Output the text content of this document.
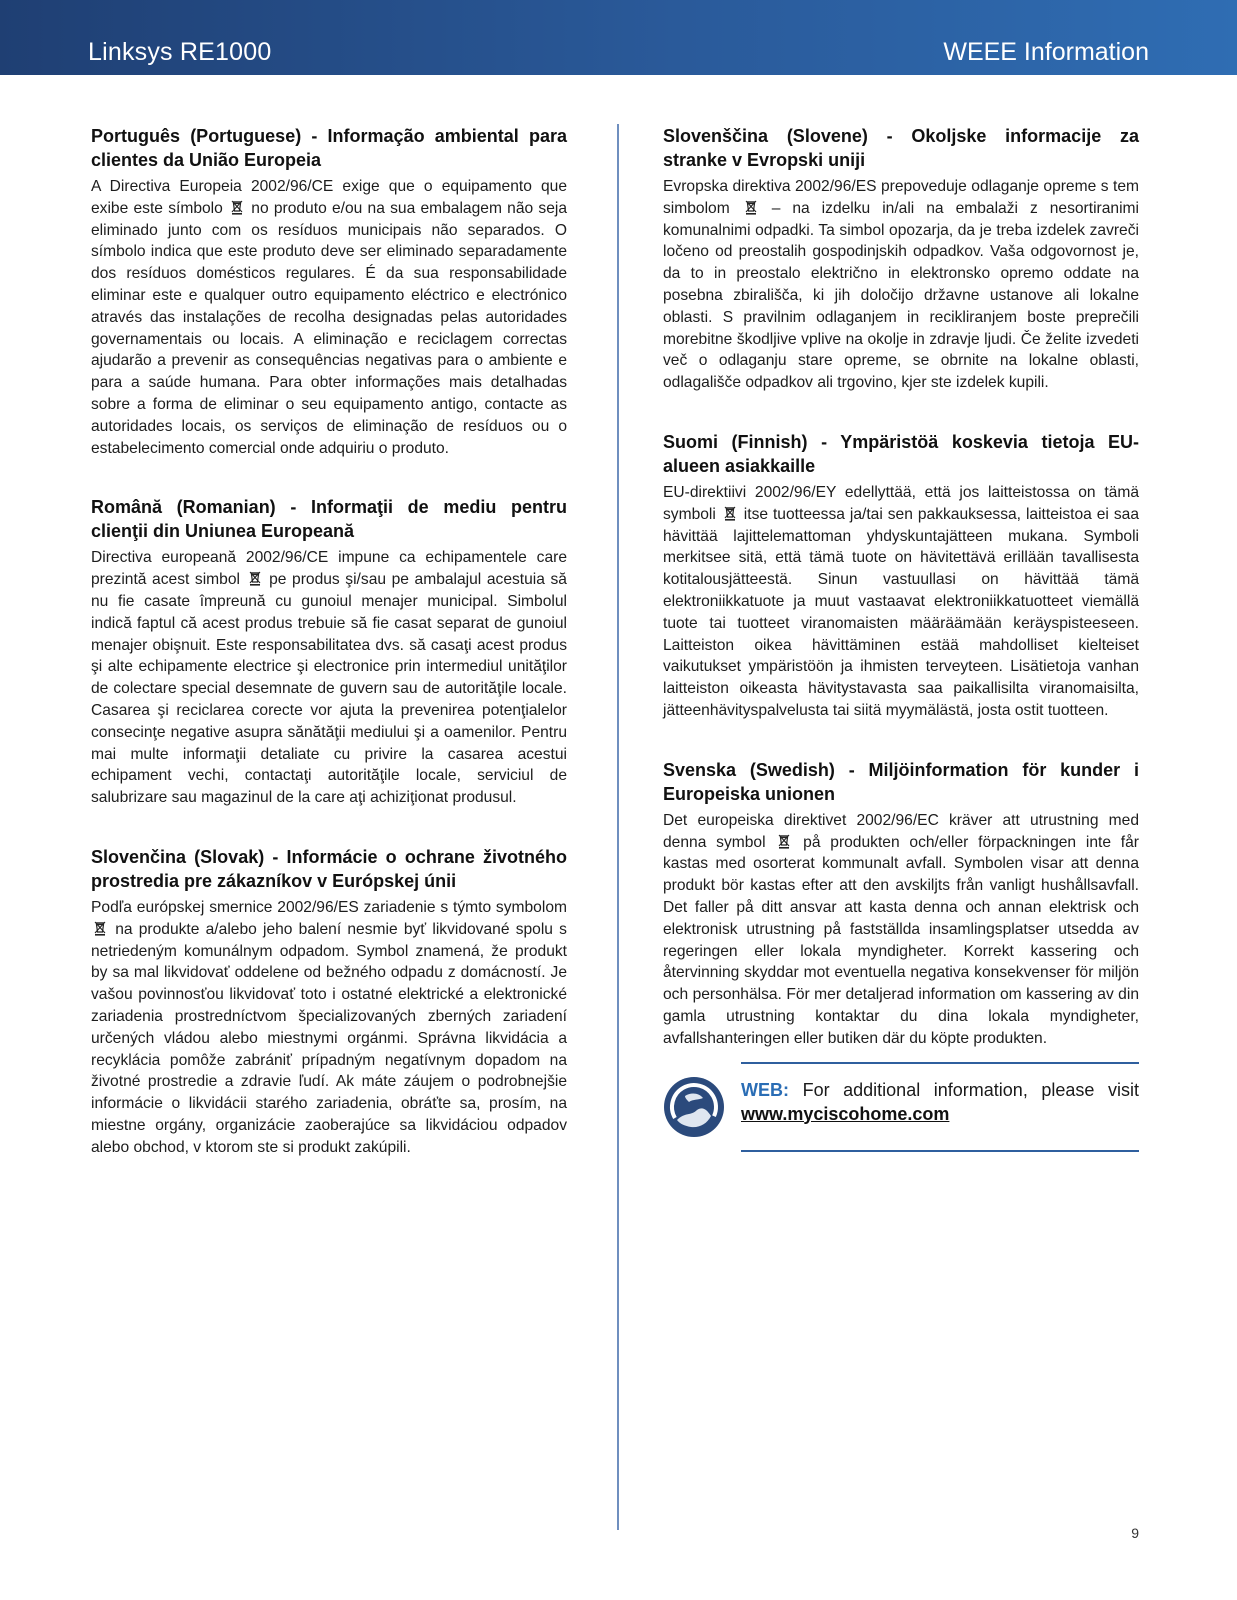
Linksys RE1000	WEEE Information
Português (Portuguese) - Informação ambiental para clientes da União Europeia

A Directiva Europeia 2002/96/CE exige que o equipamento que exibe este símbolo no produto e/ou na sua embalagem não seja eliminado junto com os resíduos municipais não separados. O símbolo indica que este produto deve ser eliminado separadamente dos resíduos domésticos regulares. É da sua responsabilidade eliminar este e qualquer outro equipamento eléctrico e electrónico através das instalações de recolha designadas pelas autoridades governamentais ou locais. A eliminação e reciclagem correctas ajudarão a prevenir as consequências negativas para o ambiente e para a saúde humana. Para obter informações mais detalhadas sobre a forma de eliminar o seu equipamento antigo, contacte as autoridades locais, os serviços de eliminação de resíduos ou o estabelecimento comercial onde adquiriu o produto.

Română (Romanian) - Informaţii de mediu pentru clienţii din Uniunea Europeană

Directiva europeană 2002/96/CE impune ca echipamentele care prezintă acest simbol pe produs şi/sau pe ambalajul acestuia să nu fie casate împreună cu gunoiul menajer municipal. Simbolul indică faptul că acest produs trebuie să fie casat separat de gunoiul menajer obişnuit. Este responsabilitatea dvs. să casaţi acest produs şi alte echipamente electrice şi electronice prin intermediul unităţilor de colectare special desemnate de guvern sau de autorităţile locale. Casarea şi reciclarea corecte vor ajuta la prevenirea potenţialelor consecinţe negative asupra sănătăţii mediului şi a oamenilor. Pentru mai multe informaţii detaliate cu privire la casarea acestui echipament vechi, contactaţi autorităţile locale, serviciul de salubrizare sau magazinul de la care aţi achiziţionat produsul.

Slovenčina (Slovak) - Informácie o ochrane životného prostredia pre zákazníkov v Európskej únii

Podľa európskej smernice 2002/96/ES zariadenie s týmto symbolom  na produkte a/alebo jeho balení nesmie byť likvidované spolu s netriedeným komunálnym odpadom. Symbol znamená, že produkt by sa mal likvidovať oddelene od bežného odpadu z domácností. Je vašou povinnosťou likvidovať toto i ostatné elektrické a elektronické zariadenia prostredníctvom špecializovaných zberných zariadení určených vládou alebo miestnymi orgánmi. Správna likvidácia a recyklácia pomôže zabrániť prípadným negatívnym dopadom na životné prostredie a zdravie ľudí. Ak máte záujem o podrobnejšie informácie o likvidácii starého zariadenia, obráťte sa, prosím, na miestne orgány, organizácie zaoberajúce sa likvidáciou odpadov alebo obchod, v ktorom ste si produkt zakúpili.

Slovenščina (Slovene) - Okoljske informacije za stranke v Evropski uniji

Evropska direktiva 2002/96/ES prepoveduje odlaganje opreme s tem simbolom	– na izdelku in/ali na embalaži z nesortiranimi komunalnimi odpadki. Ta simbol opozarja, da je treba izdelek zavreči ločeno od preostalih gospodinjskih odpadkov. Vaša odgovornost je, da to in preostalo električno in elektronsko opremo oddate na posebna zbirališča, ki jih določijo državne ustanove ali lokalne oblasti. S pravilnim odlaganjem in recikliranjem boste preprečili morebitne škodljive vplive na okolje in zdravje ljudi. Če želite izvedeti več o odlaganju stare opreme, se obrnite na lokalne oblasti, odlagališče odpadkov ali trgovino, kjer ste izdelek kupili.

Suomi (Finnish) - Ympäristöä koskevia tietoja EU-alueen asiakkaille

EU-direktiivi 2002/96/EY edellyttää, että jos laitteistossa on tämä symboli itse tuotteessa ja/tai sen pakkauksessa, laitteistoa ei saa hävittää lajittelemattoman yhdyskuntajätteen mukana. Symboli merkitsee sitä, että tämä tuote on hävitettävä erillään tavallisesta kotitalousjätteestä. Sinun vastuullasi on hävittää tämä elektroniikkatuote ja muut vastaavat elektroniikkatuotteet viemällä tuote tai tuotteet viranomaisten määräämään keräyspisteeseen. Laitteiston oikea hävittäminen estää mahdolliset kielteiset vaikutukset ympäristöön ja ihmisten terveyteen. Lisätietoja vanhan laitteiston oikeasta hävitystavasta saa paikallisilta viranomaisilta, jätteenhävityspalvelusta tai siitä myymälästä, josta ostit tuotteen.

Svenska (Swedish) - Miljöinformation för kunder i Europeiska unionen

Det europeiska direktivet 2002/96/EC kräver att utrustning med denna symbol på produkten och/eller förpackningen inte får kastas med osorterat kommunalt avfall. Symbolen visar att denna produkt bör kastas efter att den avskiljts från vanligt hushållsavfall. Det faller på ditt ansvar att kasta denna och annan elektrisk och elektronisk utrustning på fastställda insamlingsplatser utsedda av regeringen eller lokala myndigheter. Korrekt kassering och återvinning skyddar mot eventuella negativa konsekvenser för miljön och personhälsa. För mer detaljerad information om kassering av din gamla utrustning kontaktar du dina lokala myndigheter, avfallshanteringen eller butiken där du köpte produkten.

WEB: For additional information, please visit www.myciscohome.com
9
